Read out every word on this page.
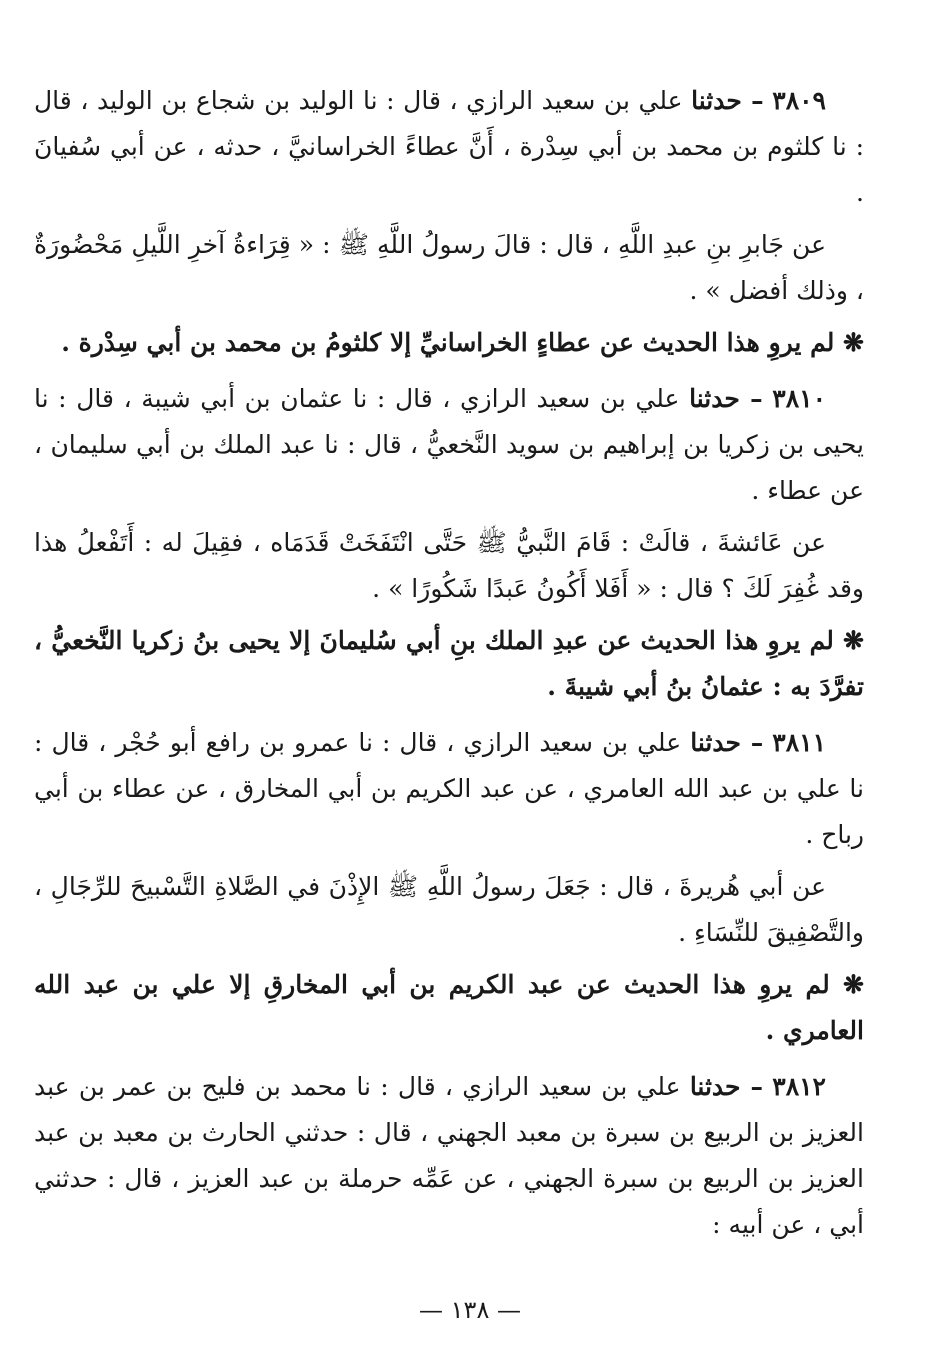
٣٨٠٩ – حدثنا علي بن سعيد الرازي ، قال : نا الوليد بن شجاع بن الوليد ، قال : نا كلثوم بن محمد بن أبي سِدْرة ، أَنَّ عطاءً الخراسانيَّ ، حدثه ، عن أبي سُفيانَ .

عن جَابرِ بنِ عبدِ اللَّهِ ، قال : قالَ رسولُ اللَّهِ ﷺ : « قِرَاءةُ آخرِ اللَّيلِ مَحْضُورَةٌ ، وذلك أفضل » .

❋ لم يروِ هذا الحديث عن عطاءٍ الخراسانيِّ إلا كلثومُ بن محمد بن أبي سِدْرة .

٣٨١٠ – حدثنا علي بن سعيد الرازي ، قال : نا عثمان بن أبي شيبة ، قال : نا يحيى بن زكريا بن إبراهيم بن سويد النَّخعيُّ ، قال : نا عبد الملك بن أبي سليمان ، عن عطاء .

عن عَائشةَ ، قالَتْ : قَامَ النَّبيُّ ﷺ حَتَّى انْتَفَخَتْ قَدَمَاه ، فقِيلَ له : أَتَفْعلُ هذا وقد غُفِرَ لَكَ ؟ قال : « أَفَلا أَكُونُ عَبدًا شَكُورًا » .

❋ لم يروِ هذا الحديث عن عبدِ الملك بنِ أبي سُليمانَ إلا يحيى بنُ زكريا النَّخعيُّ ، تفرَّدَ به : عثمانُ بنُ أبي شيبةَ .

٣٨١١ – حدثنا علي بن سعيد الرازي ، قال : نا عمرو بن رافع أبو حُجْر ، قال : نا علي بن عبد الله العامري ، عن عبد الكريم بن أبي المخارق ، عن عطاء بن أبي رباح .

عن أبي هُريرةَ ، قال : جَعَلَ رسولُ اللَّهِ ﷺ الإِذْنَ في الصَّلاةِ التَّسْبيحَ للرِّجَالِ ، والتَّصْفِيقَ للنِّسَاءِ .

❋ لم يروِ هذا الحديث عن عبد الكريم بن أبي المخارقِ إلا علي بن عبد الله العامري .

٣٨١٢ – حدثنا علي بن سعيد الرازي ، قال : نا محمد بن فليح بن عمر بن عبد العزيز بن الربيع بن سبرة بن معبد الجهني ، قال : حدثني الحارث بن معبد بن عبد العزيز بن الربيع بن سبرة الجهني ، عن عَمِّه حرملة بن عبد العزيز ، قال : حدثني أبي ، عن أبيه :

— ١٣٨ —
